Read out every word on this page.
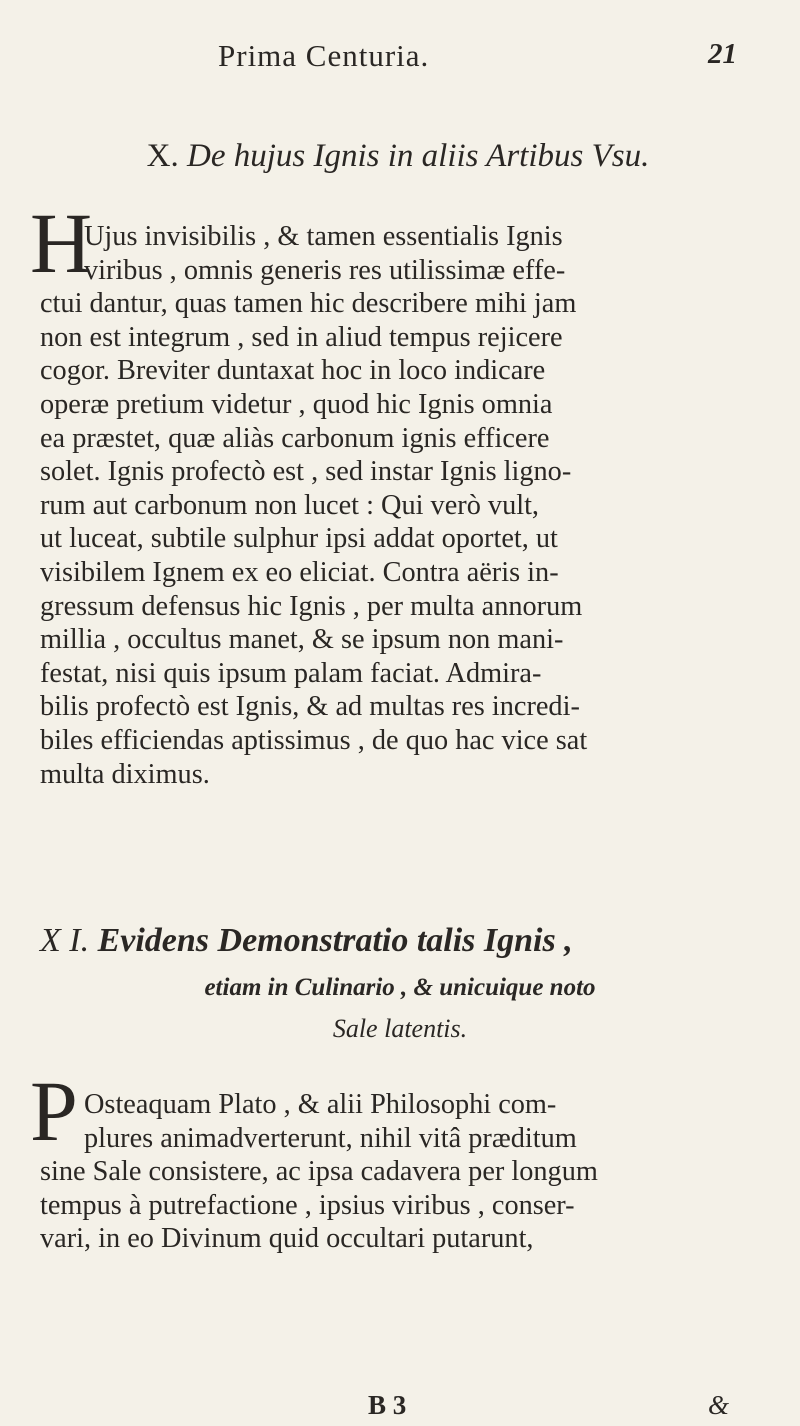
Prima Centuria.	21
X. De hujus Ignis in aliis Artibus Vsu.
H
Ujus invisibilis , & tamen essentialis Ignis
viribus , omnis generis res utilissimæ effe-
ctui dantur, quas tamen hic describere mihi jam
non est integrum , sed in aliud tempus rejicere
cogor. Breviter duntaxat hoc in loco indicare
operæ pretium videtur , quod hic Ignis omnia
ea præstet, quæ aliàs carbonum ignis efficere
solet. Ignis profectò est , sed instar Ignis ligno-
rum aut carbonum non lucet : Qui verò vult,
ut luceat, subtile sulphur ipsi addat oportet, ut
visibilem Ignem ex eo eliciat. Contra aëris in-
gressum defensus hic Ignis , per multa annorum
millia , occultus manet, & se ipsum non mani-
festat, nisi quis ipsum palam faciat. Admira-
bilis profectò est Ignis, & ad multas res incredi-
biles efficiendas aptissimus , de quo hac vice sat
multa diximus.
X I. Evidens Demonstratio talis Ignis ,
etiam in Culinario , & unicuique noto
Sale latentis.
P Osteaquam Plato , & alii Philosophi com-
plures animadverterunt, nihil vitâ præditum
sine Sale consistere, ac ipsa cadavera per longum
tempus à putrefactione , ipsius viribus , conser-
vari, in eo Divinum quid occultari putarunt,
B 3	&
